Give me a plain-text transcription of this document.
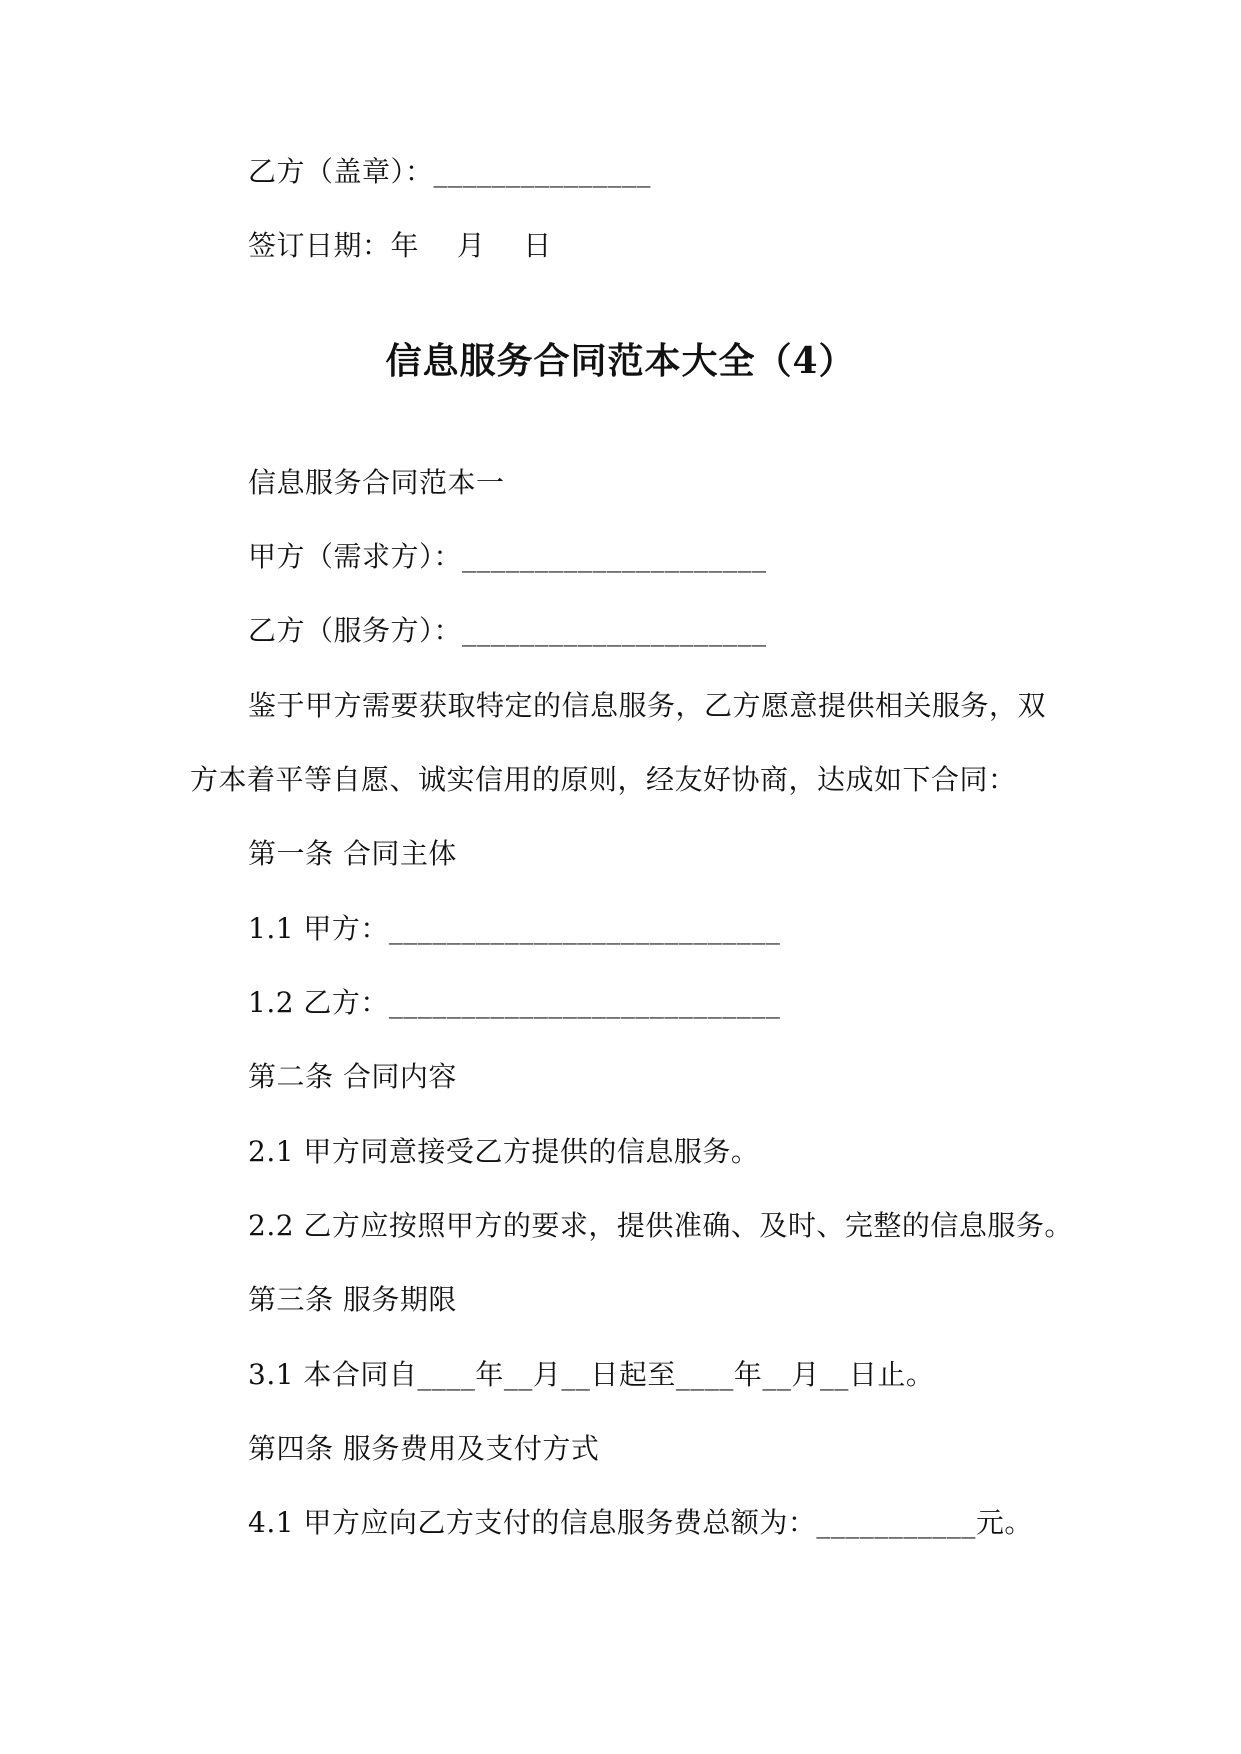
乙方（盖章）：_______________
签订日期：年　 月　 日
信息服务合同范本大全（4）
信息服务合同范本一
甲方（需求方）：_____________________
乙方（服务方）：_____________________
鉴于甲方需要获取特定的信息服务，乙方愿意提供相关服务，双
方本着平等自愿、诚实信用的原则，经友好协商，达成如下合同：
第一条 合同主体
1.1 甲方：___________________________
1.2 乙方：___________________________
第二条 合同内容
2.1 甲方同意接受乙方提供的信息服务。
2.2 乙方应按照甲方的要求，提供准确、及时、完整的信息服务。
第三条 服务期限
3.1 本合同自____年__月__日起至____年__月__日止。
第四条 服务费用及支付方式
4.1 甲方应向乙方支付的信息服务费总额为：___________元。
